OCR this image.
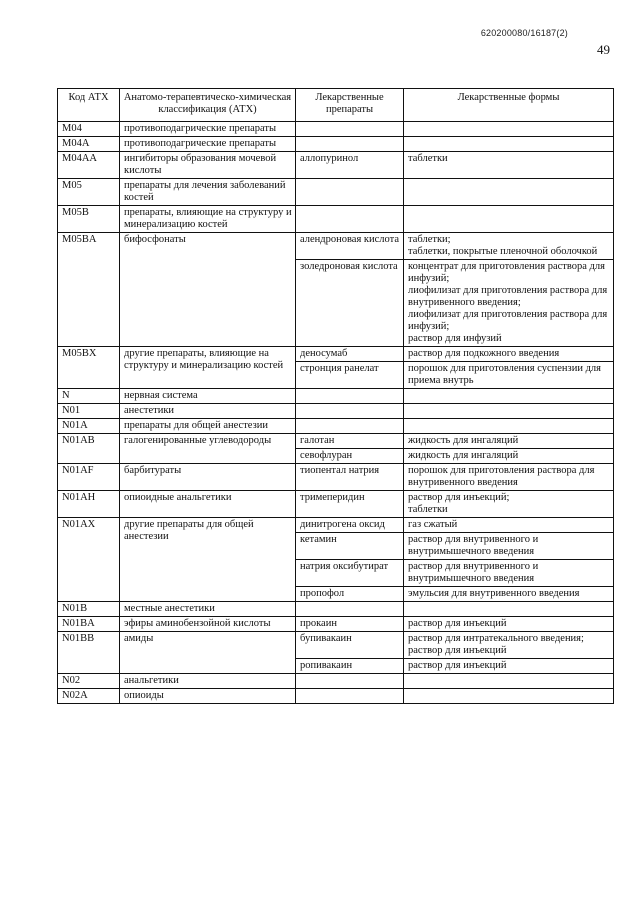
620200080/16187(2)
49
Код АТХ	Анатомо-терапевтическо-химическая классификация (АТХ)	Лекарственные препараты	Лекарственные формы
M04	противоподагрические препараты		
M04A	противоподагрические препараты		
M04AA	ингибиторы образования мочевой кислоты	аллопуринол	таблетки
M05	препараты для лечения заболеваний костей		
M05B	препараты, влияющие на структуру и минерализацию костей		
M05BA	бифосфонаты	алендроновая кислота	таблетки;
таблетки, покрытые пленочной оболочкой
		золедроновая кислота	концентрат для приготовления раствора для инфузий;
лиофилизат для приготовления раствора для внутривенного введения;
лиофилизат для приготовления раствора для инфузий;
раствор для инфузий
M05BX	другие препараты, влияющие на структуру и минерализацию костей	деносумаб	раствор для подкожного введения
		стронция ранелат	порошок для приготовления суспензии для приема внутрь
N	нервная система		
N01	анестетики		
N01A	препараты для общей анестезии		
N01AB	галогенированные углеводороды	галотан	жидкость для ингаляций
		севофлуран	жидкость для ингаляций
N01AF	барбитураты	тиопентал натрия	порошок для приготовления раствора для внутривенного введения
N01AH	опиоидные анальгетики	тримеперидин	раствор для инъекций;
таблетки
N01AX	другие препараты для общей анестезии	динитрогена оксид	газ сжатый
		кетамин	раствор для внутривенного и внутримышечного введения
		натрия оксибутират	раствор для внутривенного и внутримышечного введения
		пропофол	эмульсия для внутривенного введения
N01B	местные анестетики		
N01BA	эфиры аминобензойной кислоты	прокаин	раствор для инъекций
N01BB	амиды	бупивакаин	раствор для интратекального введения;
раствор для инъекций
		ропивакаин	раствор для инъекций
N02	анальгетики		
N02A	опиоиды		
